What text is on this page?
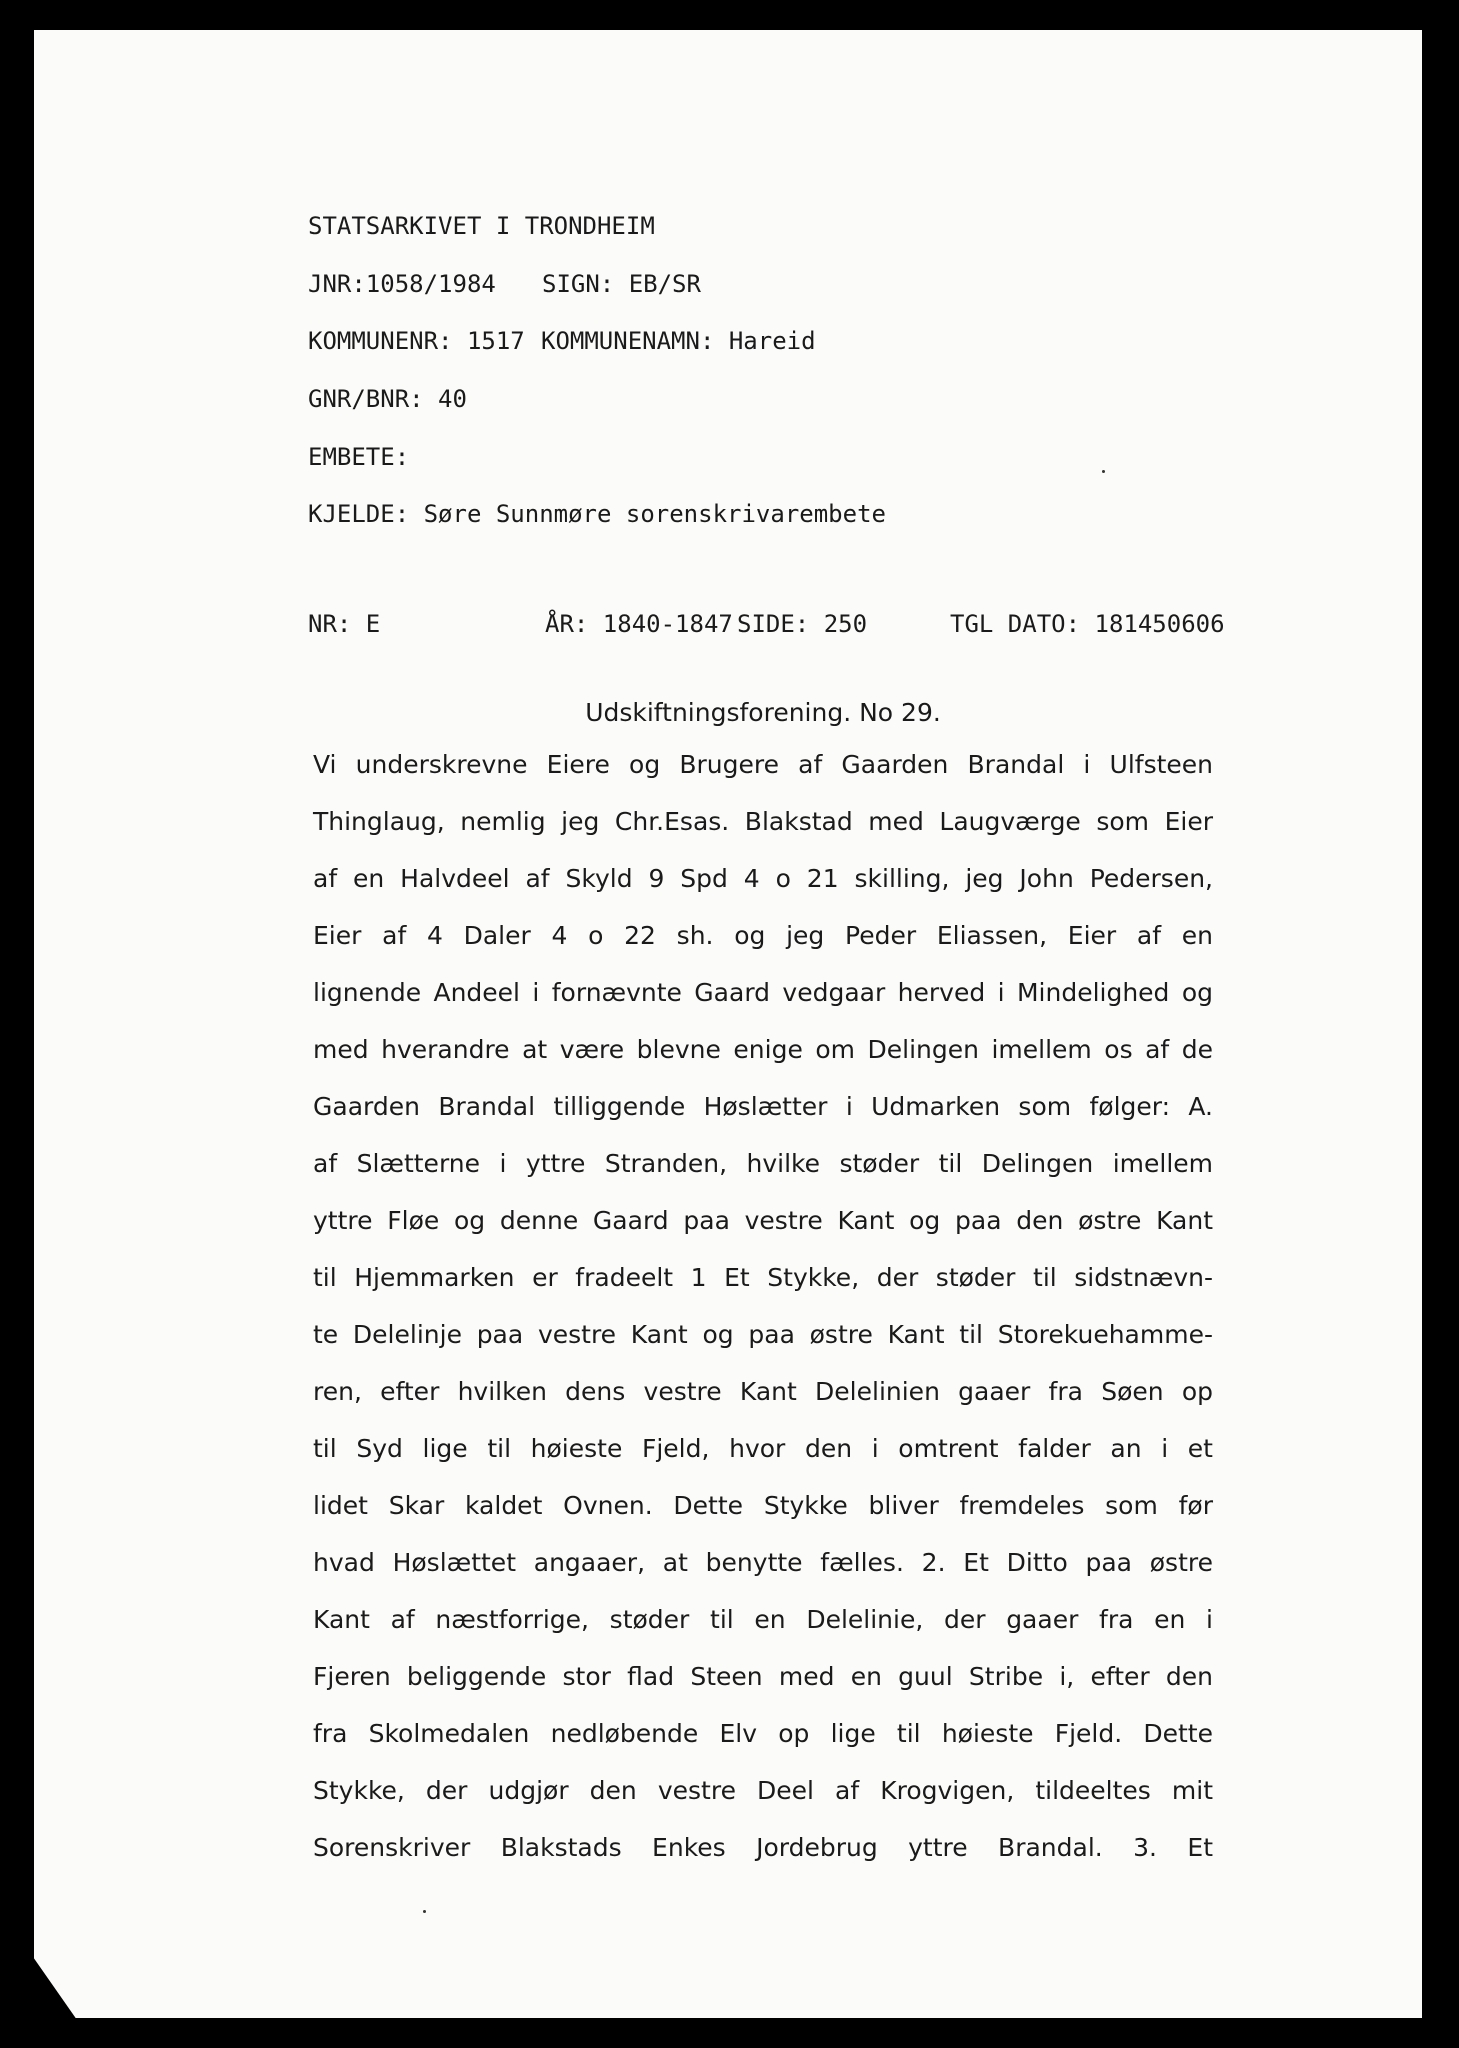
STATSARKIVET I TRONDHEIM
JNR:1058/1984 SIGN: EB/SR
KOMMUNENR: 1517 KOMMUNENAMN: Hareid
GNR/BNR: 40
EMBETE:
KJELDE: Søre Sunnmøre sorenskrivarembete
NR: E	ÅR: 1840-1847 SIDE: 250	TGL DATO: 181450606
Udskiftningsforening. No 29.
Vi underskrevne Eiere og Brugere af Gaarden Brandal i Ulfsteen
Thinglaug, nemlig jeg Chr.Esas. Blakstad med Laugværge som Eier
af en Halvdeel af Skyld 9 Spd 4 o 21 skilling, jeg John Pedersen,
Eier af 4 Daler 4 o 22 sh. og jeg Peder Eliassen, Eier af en
lignende Andeel i fornævnte Gaard vedgaar herved i Mindelighed og
med hverandre at være blevne enige om Delingen imellem os af de
Gaarden Brandal tilliggende Høslætter i Udmarken som følger: A.
af Slætterne i yttre Stranden, hvilke støder til Delingen imellem
yttre Fløe og denne Gaard paa vestre Kant og paa den østre Kant
til Hjemmarken er fradeelt 1 Et Stykke, der støder til sidstnævn-
te Delelinje paa vestre Kant og paa østre Kant til Storekuehamme-
ren, efter hvilken dens vestre Kant Delelinien gaaer fra Søen op
til Syd lige til høieste Fjeld, hvor den i omtrent falder an i et
lidet Skar kaldet Ovnen. Dette Stykke bliver fremdeles som før
hvad Høslættet angaaer, at benytte fælles. 2. Et Ditto paa østre
Kant af næstforrige, støder til en Delelinie, der gaaer fra en i
Fjeren beliggende stor flad Steen med en guul Stribe i, efter den
fra Skolmedalen nedløbende Elv op lige til høieste Fjeld. Dette
Stykke, der udgjør den vestre Deel af Krogvigen, tildeeltes mit
Sorenskriver Blakstads Enkes Jordebrug yttre Brandal. 3. Et
